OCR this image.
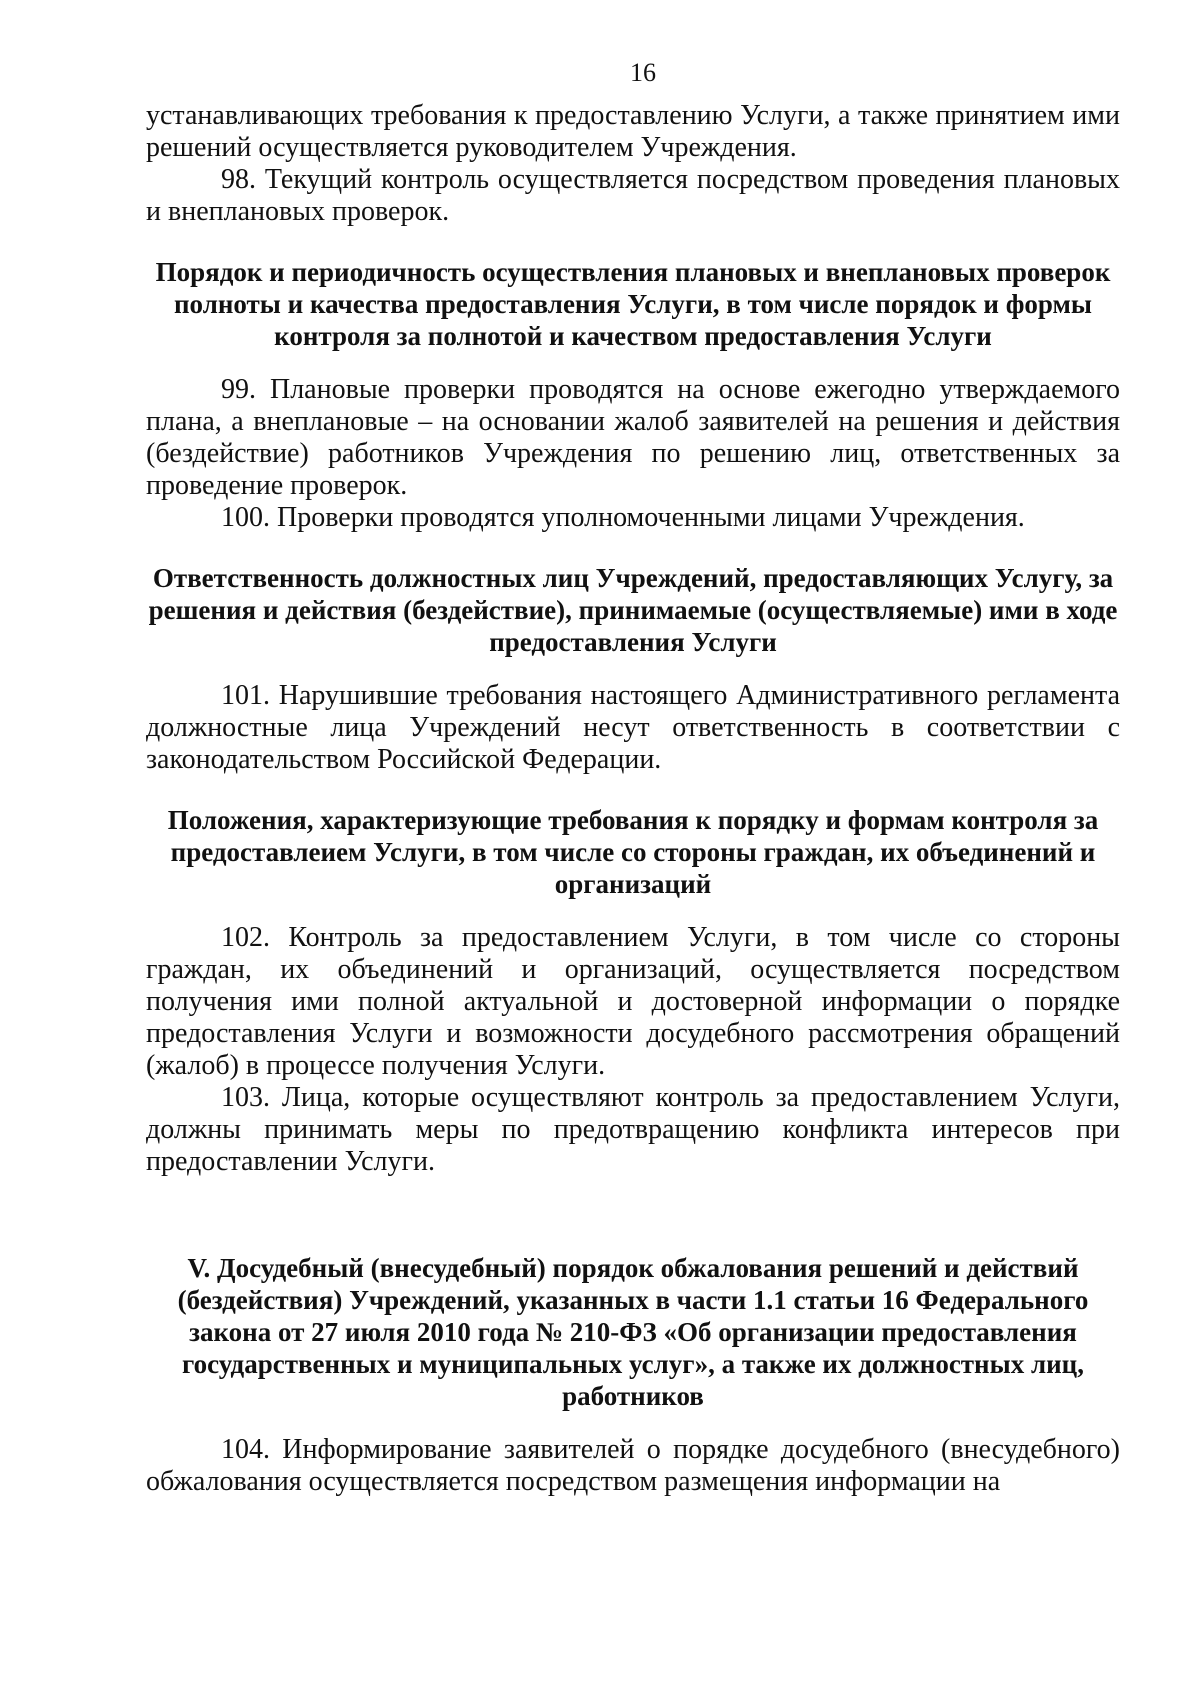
16

устанавливающих требования к предоставлению Услуги, а также принятием ими решений осуществляется руководителем Учреждения.

98. Текущий контроль осуществляется посредством проведения плановых и внеплановых проверок.

Порядок и периодичность осуществления плановых и внеплановых проверок полноты и качества предоставления Услуги, в том числе порядок и формы контроля за полнотой и качеством предоставления Услуги

99. Плановые проверки проводятся на основе ежегодно утверждаемого плана, а внеплановые – на основании жалоб заявителей на решения и действия (бездействие) работников Учреждения по решению лиц, ответственных за проведение проверок.

100. Проверки проводятся уполномоченными лицами Учреждения.

Ответственность должностных лиц Учреждений, предоставляющих Услугу, за решения и действия (бездействие), принимаемые (осуществляемые) ими в ходе предоставления Услуги

101. Нарушившие требования настоящего Административного регламента должностные лица Учреждений несут ответственность в соответствии с законодательством Российской Федерации.

Положения, характеризующие требования к порядку и формам контроля за предоставлеием Услуги, в том числе со стороны граждан, их объединений и организаций

102. Контроль за предоставлением Услуги, в том числе со стороны граждан, их объединений и организаций, осуществляется посредством получения ими полной актуальной и достоверной информации о порядке предоставления Услуги и возможности досудебного рассмотрения обращений (жалоб) в процессе получения Услуги.

103. Лица, которые осуществляют контроль за предоставлением Услуги, должны принимать меры по предотвращению конфликта интересов при предоставлении Услуги.

V. Досудебный (внесудебный) порядок обжалования решений и действий (бездействия) Учреждений, указанных в части 1.1 статьи 16 Федерального закона от 27 июля 2010 года № 210-ФЗ «Об организации предоставления государственных и муниципальных услуг», а также их должностных лиц, работников

104. Информирование заявителей о порядке досудебного (внесудебного) обжалования осуществляется посредством размещения информации на
